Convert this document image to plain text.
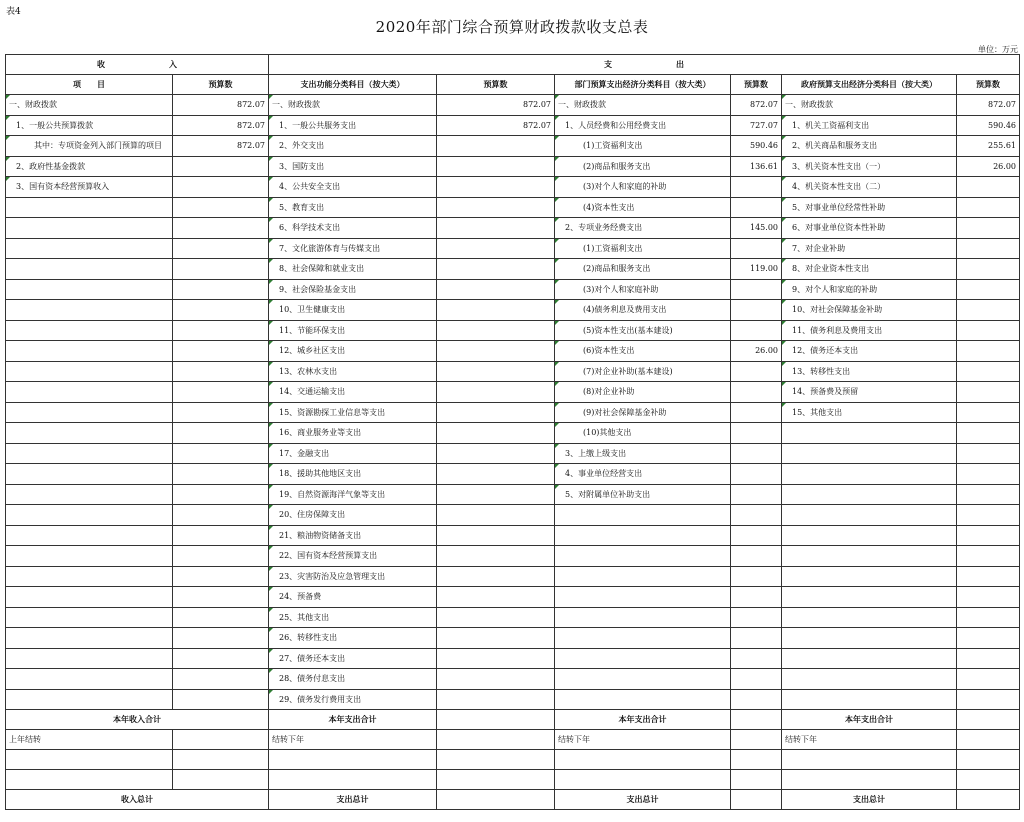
表4
2020年部门综合预算财政拨款收支总表
单位：万元
收　　　　　　　　入		支　　　　　　　　出					
项　　目	预算数	支出功能分类科目（按大类）	预算数	部门预算支出经济分类科目（按大类）	预算数	政府预算支出经济分类科目（按大类）	预算数
一、财政拨款	872.07	一、财政拨款	872.07	一、财政拨款	872.07	一、财政拨款	872.07
1、一般公共预算拨款	872.07	1、一般公共服务支出	872.07	1、人员经费和公用经费支出	727.07	1、机关工资福利支出	590.46
其中：专项资金列入部门预算的项目	872.07	2、外交支出		(1)工资福利支出	590.46	2、机关商品和服务支出	255.61
2、政府性基金拨款		3、国防支出		(2)商品和服务支出	136.61	3、机关资本性支出（一）	26.00
3、国有资本经营预算收入		4、公共安全支出		(3)对个人和家庭的补助		4、机关资本性支出（二）	
		5、教育支出		(4)资本性支出		5、对事业单位经常性补助	
		6、科学技术支出		2、专项业务经费支出	145.00	6、对事业单位资本性补助	
		7、文化旅游体育与传媒支出		(1)工资福利支出		7、对企业补助	
		8、社会保障和就业支出		(2)商品和服务支出	119.00	8、对企业资本性支出	
		9、社会保险基金支出		(3)对个人和家庭补助		9、对个人和家庭的补助	
		10、卫生健康支出		(4)债务利息及费用支出		10、对社会保障基金补助	
		11、节能环保支出		(5)资本性支出(基本建设)		11、债务利息及费用支出	
		12、城乡社区支出		(6)资本性支出	26.00	12、债务还本支出	
		13、农林水支出		(7)对企业补助(基本建设)		13、转移性支出	
		14、交通运输支出		(8)对企业补助		14、预备费及预留	
		15、资源勘探工业信息等支出		(9)对社会保障基金补助		15、其他支出	
		16、商业服务业等支出		(10)其他支出			
		17、金融支出		3、上缴上级支出			
		18、援助其他地区支出		4、事业单位经营支出			
		19、自然资源海洋气象等支出		5、对附属单位补助支出			
		20、住房保障支出					
		21、粮油物资储备支出					
		22、国有资本经营预算支出					
		23、灾害防治及应急管理支出					
		24、预备费					
		25、其他支出					
		26、转移性支出					
		27、债务还本支出					
		28、债务付息支出					
		29、债务发行费用支出					
本年收入合计		本年支出合计		本年支出合计		本年支出合计	
上年结转		结转下年		结转下年		结转下年	

收入总计		支出总计		支出总计		支出总计	
